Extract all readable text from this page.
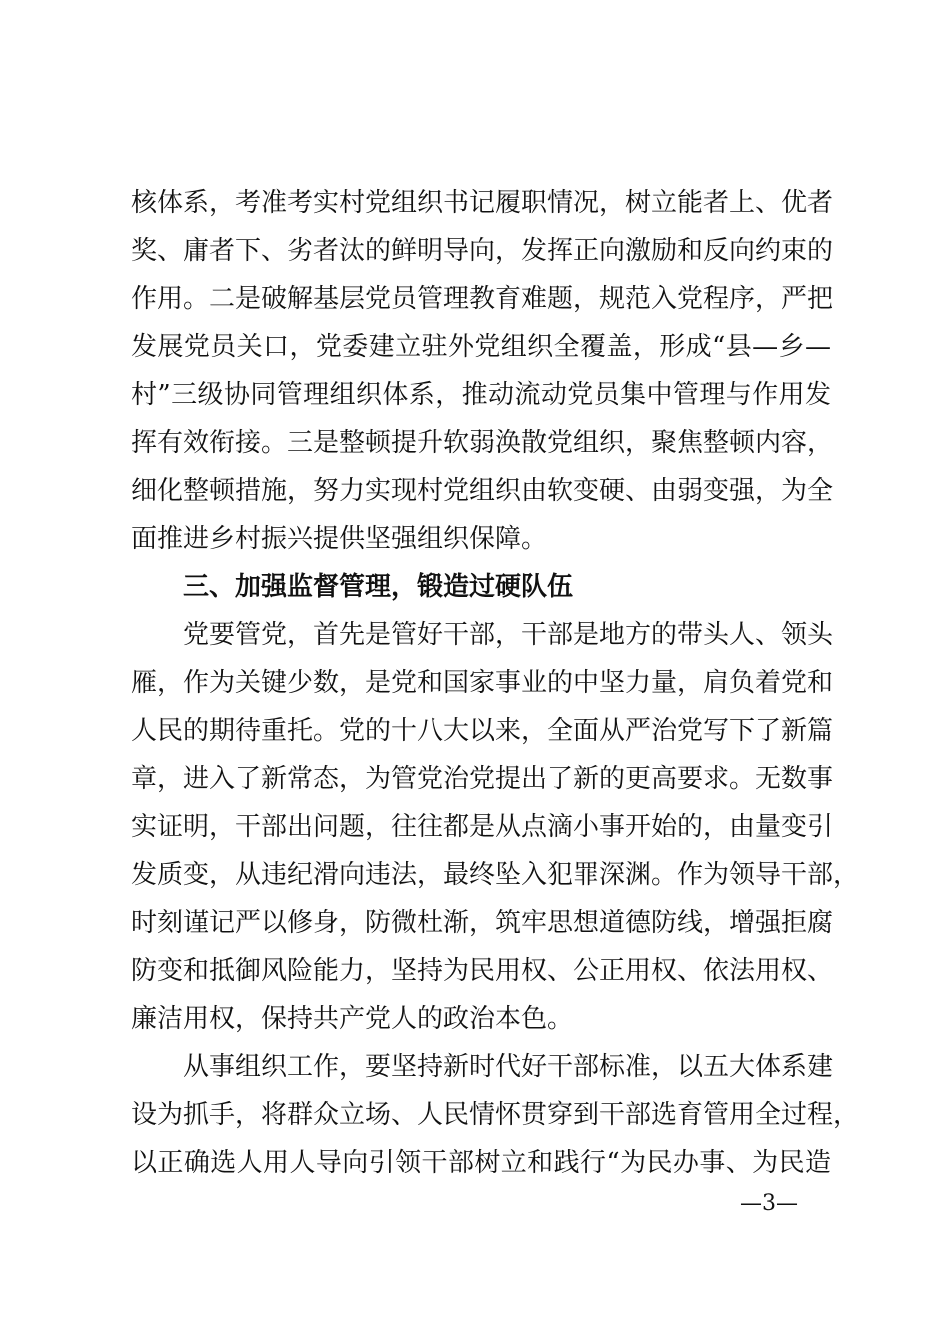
核体系，考准考实村党组织书记履职情况，树立能者上、优者
奖、庸者下、劣者汰的鲜明导向，发挥正向激励和反向约束的
作用。二是破解基层党员管理教育难题，规范入党程序，严把
发展党员关口，党委建立驻外党组织全覆盖，形成“县—乡—
村”三级协同管理组织体系，推动流动党员集中管理与作用发
挥有效衔接。三是整顿提升软弱涣散党组织，聚焦整顿内容，
细化整顿措施，努力实现村党组织由软变硬、由弱变强，为全
面推进乡村振兴提供坚强组织保障。
三、加强监督管理，锻造过硬队伍
党要管党，首先是管好干部，干部是地方的带头人、领头
雁，作为关键少数，是党和国家事业的中坚力量，肩负着党和
人民的期待重托。党的十八大以来，全面从严治党写下了新篇
章，进入了新常态，为管党治党提出了新的更高要求。无数事
实证明，干部出问题，往往都是从点滴小事开始的，由量变引
发质变，从违纪滑向违法，最终坠入犯罪深渊。作为领导干部，
时刻谨记严以修身，防微杜渐，筑牢思想道德防线，增强拒腐
防变和抵御风险能力，坚持为民用权、公正用权、依法用权、
廉洁用权，保持共产党人的政治本色。
从事组织工作，要坚持新时代好干部标准，以五大体系建
设为抓手，将群众立场、人民情怀贯穿到干部选育管用全过程，
以正确选人用人导向引领干部树立和践行“为民办事、为民造
—3—
